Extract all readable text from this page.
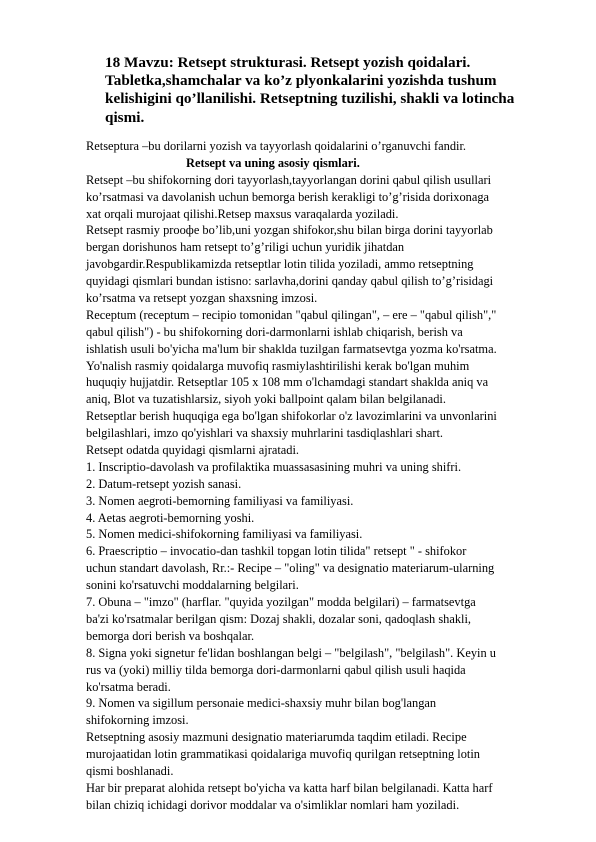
18 Mavzu: Retsept strukturasi. Retsept yozish qoidalari.
Tabletka,shamchalar va ko’z plyonkalarini yozishda tushum
kelishigini qo’llanilishi. Retseptning tuzilishi, shakli va lotincha
qismi.
Retseptura –bu dorilarni yozish va tayyorlash qoidalarini o’rganuvchi fandir.
Retsept va uning asosiy qismlari.
Retsept –bu shifokorning dori tayyorlash,tayyorlangan dorini qabul qilish usullari
ko’rsatmasi va davolanish uchun bemorga berish kerakligi to’g’risida dorixonaga
xat orqali murojaat qilishi.Retsep maxsus varaqalarda yoziladi.
Retsept rasmiy prooфe bo’lib,uni yozgan shifokor,shu bilan birga dorini tayyorlab
bergan dorishunos ham retsept to’g’riligi uchun yuridik jihatdan
javobgardir.Respublikamizda retseptlar lotin tilida yoziladi, ammo retseptning
quyidagi qismlari bundan istisno: sarlavha,dorini qanday qabul qilish to’g’risidagi
ko’rsatma va retsept yozgan shaxsning imzosi.
Receptum (receptum – recipio tomonidan "qabul qilingan", – ere – "qabul qilish","
qabul qilish") - bu shifokorning dori-darmonlarni ishlab chiqarish, berish va
ishlatish usuli bo'yicha ma'lum bir shaklda tuzilgan farmatsevtga yozma ko'rsatma.
Yo'nalish rasmiy qoidalarga muvofiq rasmiylashtirilishi kerak bo'lgan muhim
huquqiy hujjatdir. Retseptlar 105 x 108 mm o'lchamdagi standart shaklda aniq va
aniq, Blot va tuzatishlarsiz, siyoh yoki ballpoint qalam bilan belgilanadi.
Retseptlar berish huquqiga ega bo'lgan shifokorlar o'z lavozimlarini va unvonlarini
belgilashlari, imzo qo'yishlari va shaxsiy muhrlarini tasdiqlashlari shart.
Retsept odatda quyidagi qismlarni ajratadi.
1. Inscriptio-davolash va profilaktika muassasasining muhri va uning shifri.
2. Datum-retsept yozish sanasi.
3. Nomen aegroti-bemorning familiyasi va familiyasi.
4. Aetas aegroti-bemorning yoshi.
5. Nomen medici-shifokorning familiyasi va familiyasi.
6. Praescriptio – invocatio-dan tashkil topgan lotin tilida" retsept " - shifokor
uchun standart davolash, Rr.:- Recipe – "oling" va designatio materiarum-ularning
sonini ko'rsatuvchi moddalarning belgilari.
7. Obuna – "imzo" (harflar. "quyida yozilgan" modda belgilari) – farmatsevtga
ba'zi ko'rsatmalar berilgan qism: Dozaj shakli, dozalar soni, qadoqlash shakli,
bemorga dori berish va boshqalar.
8. Signa yoki signetur fe'lidan boshlangan belgi – "belgilash", "belgilash". Keyin u
rus va (yoki) milliy tilda bemorga dori-darmonlarni qabul qilish usuli haqida
ko'rsatma beradi.
9. Nomen va sigillum personaie medici-shaxsiy muhr bilan bog'langan
shifokorning imzosi.
Retseptning asosiy mazmuni designatio materiarumda taqdim etiladi. Recipe
murojaatidan lotin grammatikasi qoidalariga muvofiq qurilgan retseptning lotin
qismi boshlanadi.
Har bir preparat alohida retsept bo'yicha va katta harf bilan belgilanadi. Katta harf
bilan chiziq ichidagi dorivor moddalar va o'simliklar nomlari ham yoziladi.
